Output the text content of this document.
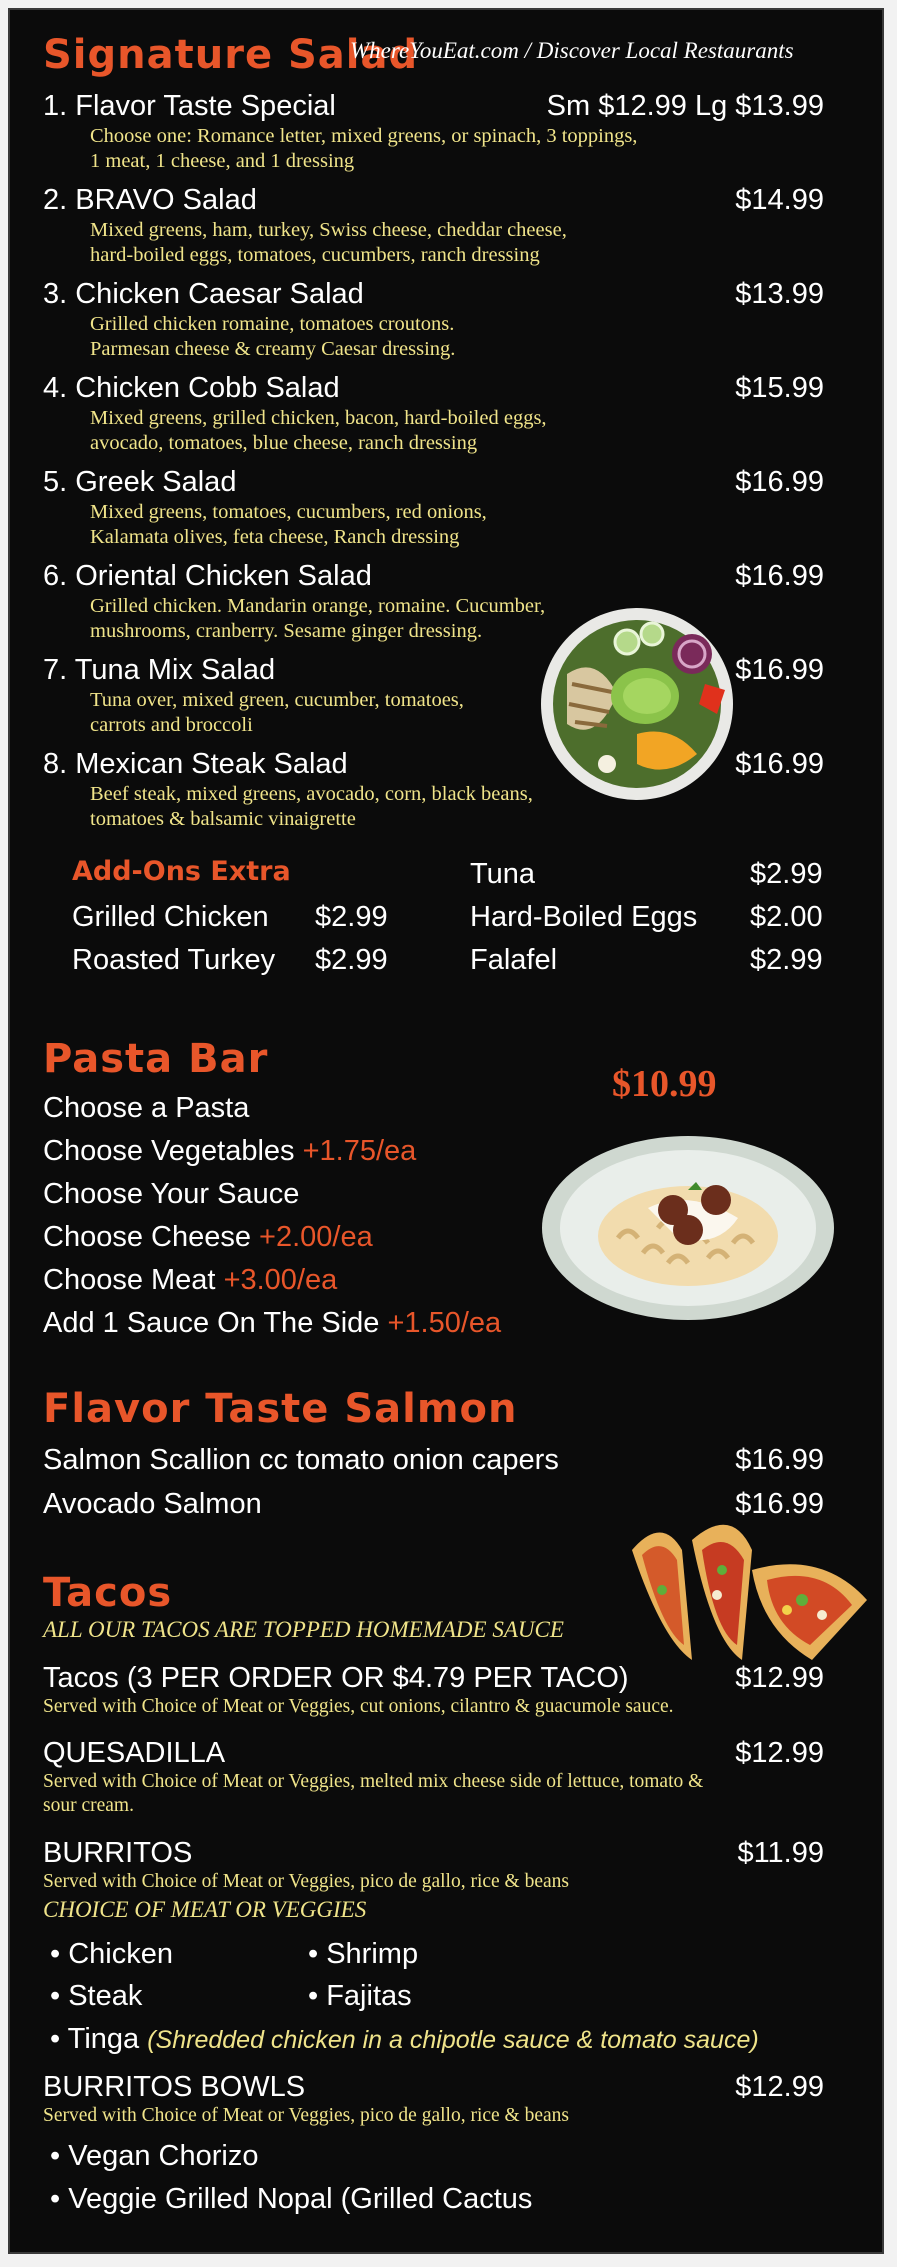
Signature Salad
WhereYouEat.com / Discover Local Restaurants
1. Flavor Taste Special	Sm $12.99 Lg $13.99
Choose one: Romance letter, mixed greens, or spinach, 3 toppings,
1 meat, 1 cheese, and 1 dressing
2. BRAVO Salad	$14.99
Mixed greens, ham, turkey, Swiss cheese, cheddar cheese,
hard-boiled eggs, tomatoes, cucumbers, ranch dressing
3. Chicken Caesar Salad	$13.99
Grilled chicken romaine, tomatoes croutons.
Parmesan cheese & creamy Caesar dressing.
4. Chicken Cobb Salad	$15.99
Mixed greens, grilled chicken, bacon, hard-boiled eggs,
avocado, tomatoes, blue cheese, ranch dressing
5. Greek Salad	$16.99
Mixed greens, tomatoes, cucumbers, red onions,
Kalamata olives, feta cheese, Ranch dressing
6. Oriental Chicken Salad	$16.99
Grilled chicken. Mandarin orange, romaine. Cucumber,
mushrooms, cranberry. Sesame ginger dressing.
7. Tuna Mix Salad	$16.99
Tuna over, mixed green, cucumber, tomatoes,
carrots and broccoli
8. Mexican Steak Salad	$16.99
Beef steak, mixed greens, avocado, corn, black beans,
tomatoes & balsamic vinaigrette
Add-Ons Extra
Grilled Chicken $2.99
Roasted Turkey $2.99
Tuna	$2.99
Hard-Boiled Eggs $2.00
Falafel	$2.99
Pasta Bar
$10.99
Choose a Pasta
Choose Vegetables +1.75/ea
Choose Your Sauce
Choose Cheese +2.00/ea
Choose Meat +3.00/ea
Add 1 Sauce On The Side +1.50/ea
Flavor Taste Salmon
Salmon Scallion cc tomato onion capers	$16.99
Avocado Salmon	$16.99
Tacos
ALL OUR TACOS ARE TOPPED HOMEMADE SAUCE
Tacos (3 PER ORDER OR $4.79 PER TACO)	$12.99
Served with Choice of Meat or Veggies, cut onions, cilantro & guacumole sauce.
QUESADILLA	$12.99
Served with Choice of Meat or Veggies, melted mix cheese side of lettuce, tomato &
sour cream.
BURRITOS	$11.99
Served with Choice of Meat or Veggies, pico de gallo, rice & beans
CHOICE OF MEAT OR VEGGIES
• Chicken	• Shrimp
• Steak	• Fajitas
• Tinga (Shredded chicken in a chipotle sauce & tomato sauce)
BURRITOS BOWLS	$12.99
Served with Choice of Meat or Veggies, pico de gallo, rice & beans
• Vegan Chorizo
• Veggie Grilled Nopal (Grilled Cactus
